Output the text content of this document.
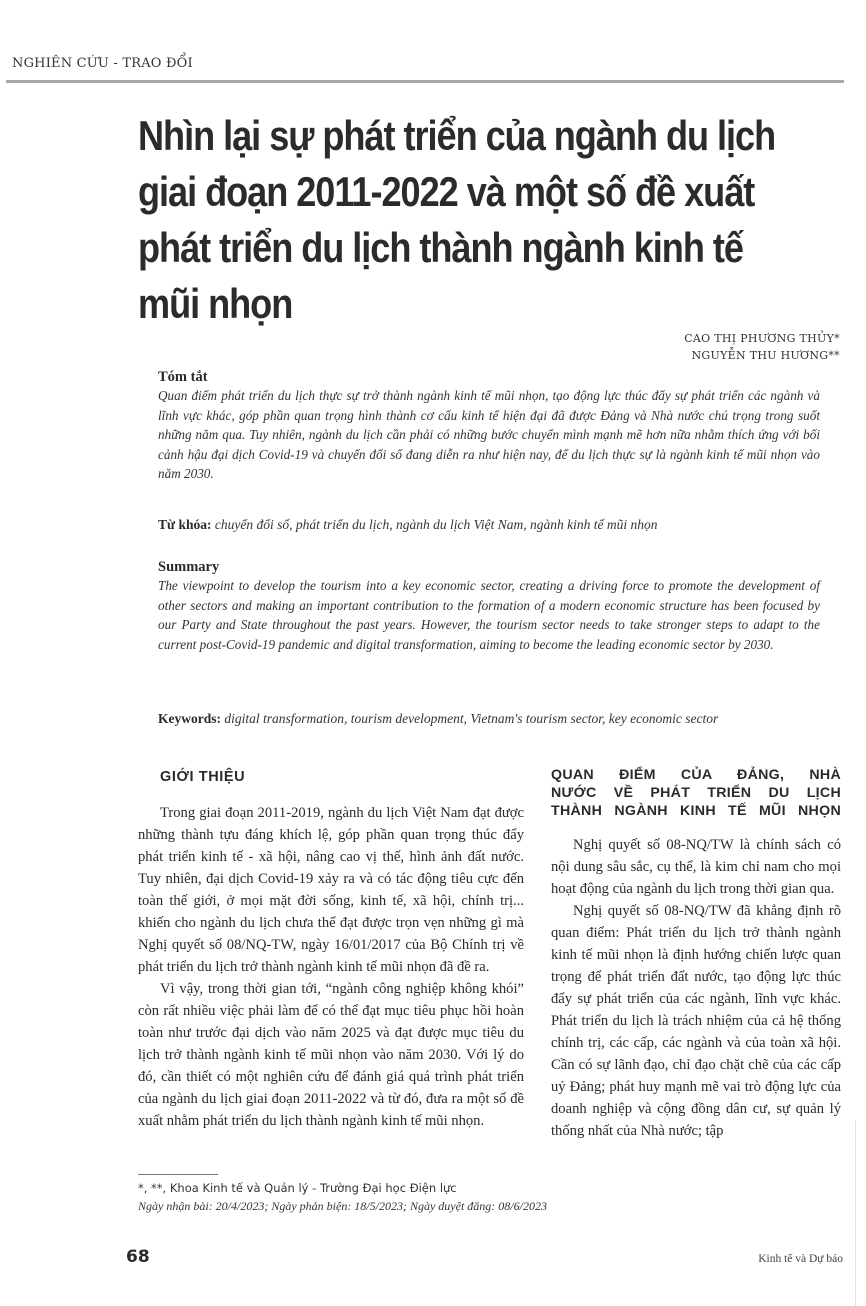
NGHIÊN CỨU - TRAO ĐỔI
Nhìn lại sự phát triển của ngành du lịch
giai đoạn 2011-2022 và một số đề xuất
phát triển du lịch thành ngành kinh tế
mũi nhọn
CAO THỊ PHƯƠNG THỦY*
NGUYỄN THU HƯƠNG**

Tóm tắt

Quan điểm phát triển du lịch thực sự trở thành ngành kinh tế mũi nhọn, tạo động lực thúc đẩy sự phát triển các ngành và lĩnh vực khác, góp phần quan trọng hình thành cơ cấu kinh tế hiện đại đã được Đảng và Nhà nước chú trọng trong suốt những năm qua. Tuy nhiên, ngành du lịch cần phải có những bước chuyển mình mạnh mẽ hơn nữa nhằm thích ứng với bối cảnh hậu đại dịch Covid-19 và chuyển đổi số đang diễn ra như hiện nay, để du lịch thực sự là ngành kinh tế mũi nhọn vào năm 2030.

Từ khóa: chuyển đổi số, phát triển du lịch, ngành du lịch Việt Nam, ngành kinh tế mũi nhọn

Summary

The viewpoint to develop the tourism into a key economic sector, creating a driving force to promote the development of other sectors and making an important contribution to the formation of a modern economic structure has been focused by our Party and State throughout the past years. However, the tourism sector needs to take stronger steps to adapt to the current post-Covid-19 pandemic and digital transformation, aiming to become the leading economic sector by 2030.

Keywords: digital transformation, tourism development, Vietnam's tourism sector, key economic sector

GIỚI THIỆU

Trong giai đoạn 2011-2019, ngành du lịch Việt Nam đạt được những thành tựu đáng khích lệ, góp phần quan trọng thúc đẩy phát triển kinh tế - xã hội, nâng cao vị thế, hình ảnh đất nước. Tuy nhiên, đại dịch Covid-19 xảy ra và có tác động tiêu cực đến toàn thế giới, ở mọi mặt đời sống, kinh tế, xã hội, chính trị... khiến cho ngành du lịch chưa thể đạt được trọn vẹn những gì mà Nghị quyết số 08/NQ-TW, ngày 16/01/2017 của Bộ Chính trị về phát triển du lịch trở thành ngành kinh tế mũi nhọn đã đề ra.

Vì vậy, trong thời gian tới, “ngành công nghiệp không khói” còn rất nhiều việc phải làm để có thể đạt mục tiêu phục hồi hoàn toàn như trước đại dịch vào năm 2025 và đạt được mục tiêu du lịch trở thành ngành kinh tế mũi nhọn vào năm 2030. Với lý do đó, cần thiết có một nghiên cứu để đánh giá quá trình phát triển của ngành du lịch giai đoạn 2011-2022 và từ đó, đưa ra một số đề xuất nhằm phát triển du lịch thành ngành kinh tế mũi nhọn.

QUAN ĐIỂM CỦA ĐẢNG, NHÀ
NƯỚC VỀ PHÁT TRIỂN DU LỊCH
THÀNH NGÀNH KINH TẾ MŨI NHỌN

Nghị quyết số 08-NQ/TW là chính sách có nội dung sâu sắc, cụ thể, là kim chỉ nam cho mọi hoạt động của ngành du lịch trong thời gian qua.

Nghị quyết số 08-NQ/TW đã khẳng định rõ quan điểm: Phát triển du lịch trở thành ngành kinh tế mũi nhọn là định hướng chiến lược quan trọng để phát triển đất nước, tạo động lực thúc đẩy sự phát triển của các ngành, lĩnh vực khác. Phát triển du lịch là trách nhiệm của cả hệ thống chính trị, các cấp, các ngành và của toàn xã hội. Cần có sự lãnh đạo, chỉ đạo chặt chẽ của các cấp uỷ Đảng; phát huy mạnh mẽ vai trò động lực của doanh nghiệp và cộng đồng dân cư, sự quản lý thống nhất của Nhà nước; tập

*, **, Khoa Kinh tế và Quản lý - Trường Đại học Điện lực
Ngày nhận bài: 20/4/2023; Ngày phản biện: 18/5/2023; Ngày duyệt đăng: 08/6/2023
68	Kinh tế và Dự báo
